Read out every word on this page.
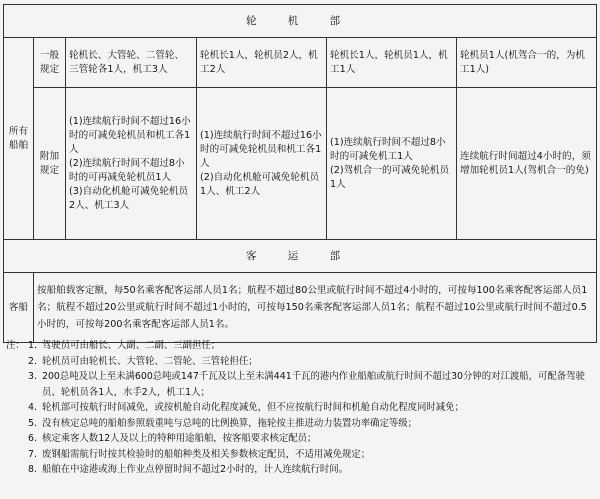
轮 机 部					
所有船舶	一般规定	轮机长、大管轮、二管轮、三管轮各1人，机工3人	轮机长1人，轮机员2人，机工2人	轮机长1人，轮机员1人，机工1人	轮机员1人(机驾合一的，为机工1人)
	附加规定	(1)连续航行时间不超过16小时的可减免轮机员和机工各1人
(2)连续航行时间不超过8小时的可再减免轮机员1人
(3)自动化机舱可减免轮机员2人、机工3人	(1)连续航行时间不超过16小时的可减免轮机员和机工各1人
(2)自动化机舱可减免轮机员1人、机工2人	(1)连续航行时间不超过8小时的可减免机工1人
(2)驾机合一的可减免轮机员1人	连续航行时间超过4小时的，须增加轮机员1人(驾机合一的免)
客 运 部					
客船	按船舶载客定额，每50名乘客配客运部人员1名；航程不超过80公里或航行时间不超过4小时的，可按每100名乘客配客运部人员1名；航程不超过20公里或航行时间不超过1小时的，可按每150名乘客配客运部人员1名；航程不超过10公里或航行时间不超过0.5小时的，可按每200名乘客配客运部人员1名。				
注： 1. 驾驶员可由船长、大副、二副、三副担任；
2. 轮机员可由轮机长、大管轮、二管轮、三管轮担任；
3. 200总吨及以上至未满600总吨或147千瓦及以上至未满441千瓦的港内作业船舶或航行时间不超过30分钟的对江渡船，可配备驾驶员、轮机员各1人，水手2人，机工1人；
4. 轮机部可按航行时间减免，或按机舱自动化程度减免，但不应按航行时间和机舱自动化程度同时减免；
5. 没有核定总吨的船舶参照载重吨与总吨的比例换算，拖轮按主推进动力装置功率确定等级；
6. 核定乘客人数12人及以上的特种用途船舶，按客船要求核定配员；
7. 废钢船需航行时按其检验时的船舶种类及相关参数核定配员，不适用减免规定；
8. 船舶在中途港或海上作业点停留时间不超过2小时的，计人连续航行时间。
